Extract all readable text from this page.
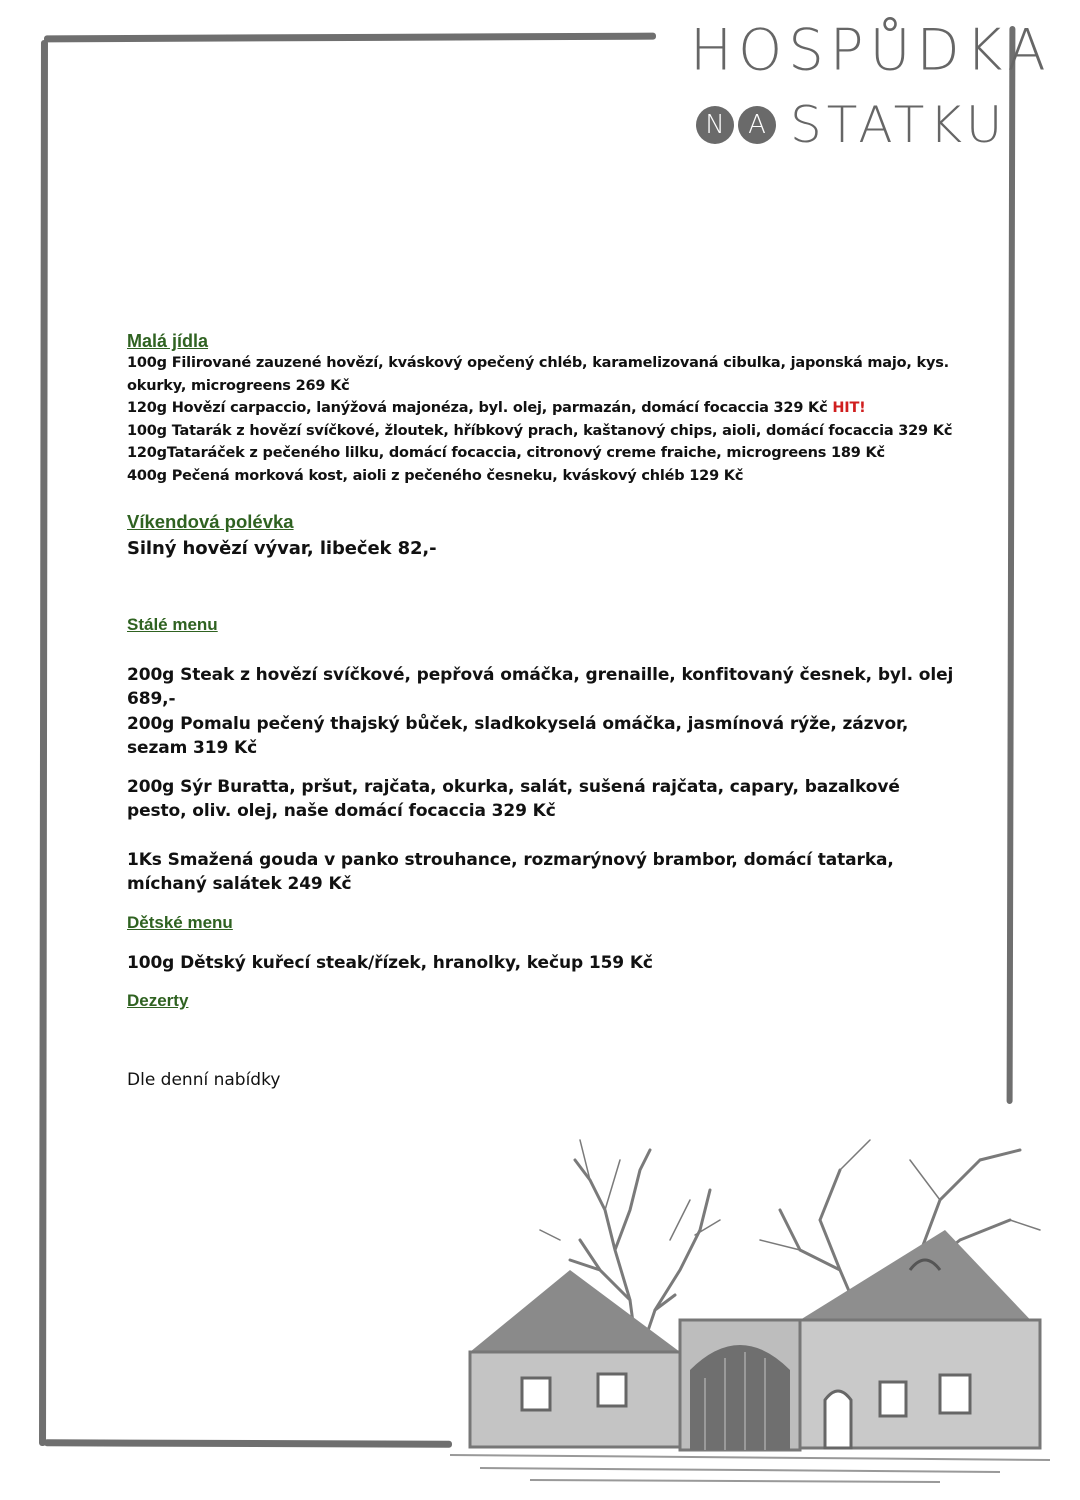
HOSPŮDKA
N A STATKU
Malá jídla
100g Filirované zauzené hovězí, kváskový opečený chléb, karamelizovaná cibulka, japonská majo, kys. okurky, microgreens 269 Kč
120g Hovězí carpaccio, lanýžová majonéza, byl. olej, parmazán, domácí focaccia 329 Kč HIT!
100g Tatarák z hovězí svíčkové, žloutek, hříbkový prach, kaštanový chips, aioli, domácí focaccia 329 Kč
120gTataráček z pečeného lilku, domácí focaccia, citronový creme fraiche, microgreens 189 Kč
400g Pečená morková kost, aioli z pečeného česneku, kváskový chléb 129 Kč
Víkendová polévka
Silný hovězí vývar, libeček 82,-
Stálé menu
200g Steak z hovězí svíčkové, pepřová omáčka, grenaille, konfitovaný česnek, byl. olej 689,-
200g Pomalu pečený thajský bůček, sladkokyselá omáčka, jasmínová rýže, zázvor, sezam 319 Kč
200g Sýr Buratta, pršut, rajčata, okurka, salát, sušená rajčata, capary, bazalkové pesto, oliv. olej, naše domácí focaccia 329 Kč
1Ks Smažená gouda v panko strouhance, rozmarýnový brambor, domácí tatarka, míchaný salátek 249 Kč
Dětské menu
100g Dětský kuřecí steak/řízek, hranolky, kečup 159 Kč
Dezerty
Dle denní nabídky
